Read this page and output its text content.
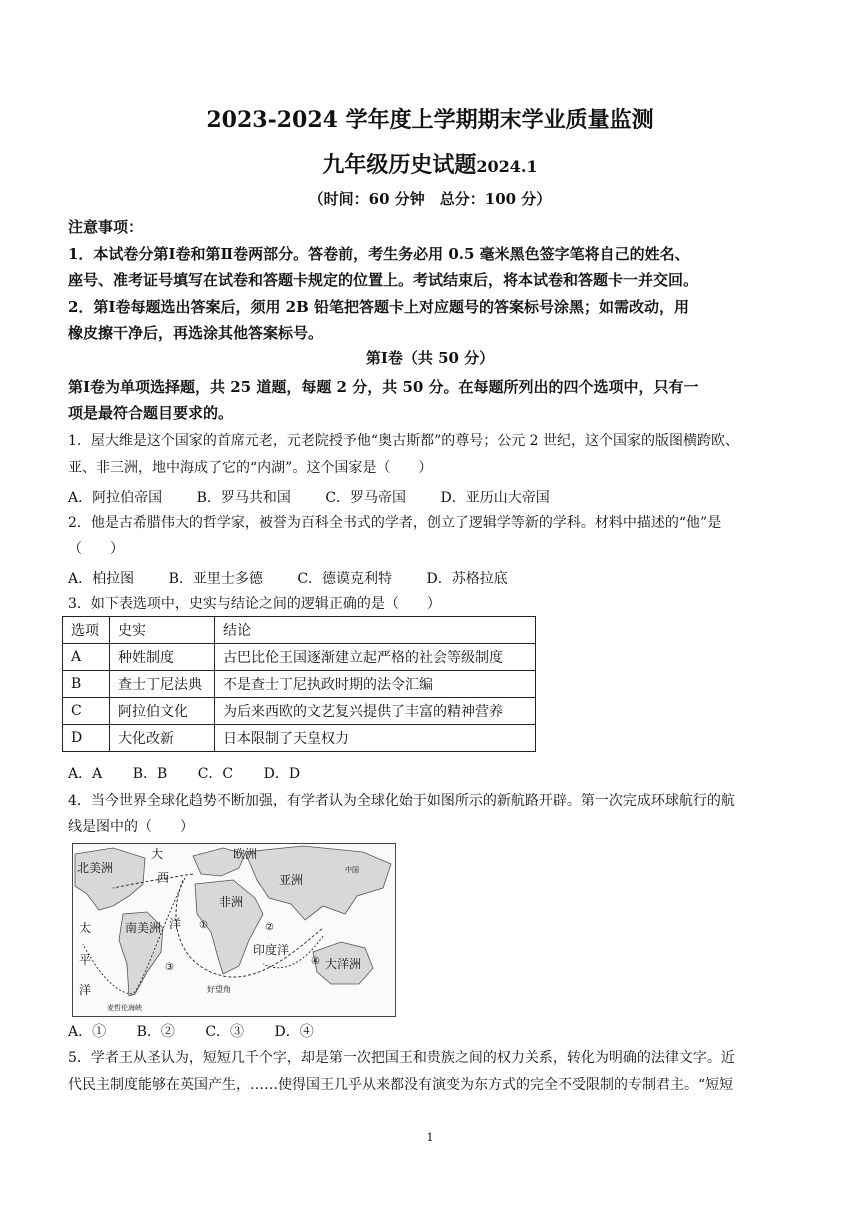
2023-2024 学年度上学期期末学业质量监测
九年级历史试题2024.1
（时间：60 分钟　总分：100 分）
注意事项：
1．本试卷分第Ⅰ卷和第Ⅱ卷两部分。答卷前，考生务必用 0.5 毫米黑色签字笔将自己的姓名、
座号、准考证号填写在试卷和答题卡规定的位置上。考试结束后，将本试卷和答题卡一并交回。
2．第Ⅰ卷每题选出答案后，须用 2B 铅笔把答题卡上对应题号的答案标号涂黑；如需改动，用
橡皮擦干净后，再选涂其他答案标号。
第Ⅰ卷（共 50 分）
第Ⅰ卷为单项选择题，共 25 道题，每题 2 分，共 50 分。在每题所列出的四个选项中，只有一
项是最符合题目要求的。
1．屋大维是这个国家的首席元老，元老院授予他“奥古斯都”的尊号；公元 2 世纪，这个国家的版图横跨欧、
亚、非三洲，地中海成了它的“内湖”。这个国家是（　　）
A．阿拉伯帝国 B．罗马共和国 C．罗马帝国 D．亚历山大帝国
2．他是古希腊伟大的哲学家，被誉为百科全书式的学者，创立了逻辑学等新的学科。材料中描述的“他”是
（　　）
A．柏拉图 B．亚里士多德 C．德谟克利特 D．苏格拉底
3．如下表选项中，史实与结论之间的逻辑正确的是（　　）
选项	史实	结论
A	种姓制度	古巴比伦王国逐渐建立起严格的社会等级制度
B	查士丁尼法典	不是查士丁尼执政时期的法令汇编
C	阿拉伯文化	为后来西欧的文艺复兴提供了丰富的精神营养
D	大化改新	日本限制了天皇权力
A．A B．B C．C D．D
4．当今世界全球化趋势不断加强，有学者认为全球化始于如图所示的新航路开辟。第一次完成环球航行的航
线是图中的（　　）
北美洲
大	欧洲
亚洲
西
洋
非洲
南美洲
印度洋
大洋洲
太
平
洋
①	②
③
④
好望角
麦哲伦海峡
中国
A．① B．② C．③ D．④
5．学者王从圣认为，短短几千个字，却是第一次把国王和贵族之间的权力关系，转化为明确的法律文字。近
代民主制度能够在英国产生，……使得国王几乎从来都没有演变为东方式的完全不受限制的专制君主。“短短
1
